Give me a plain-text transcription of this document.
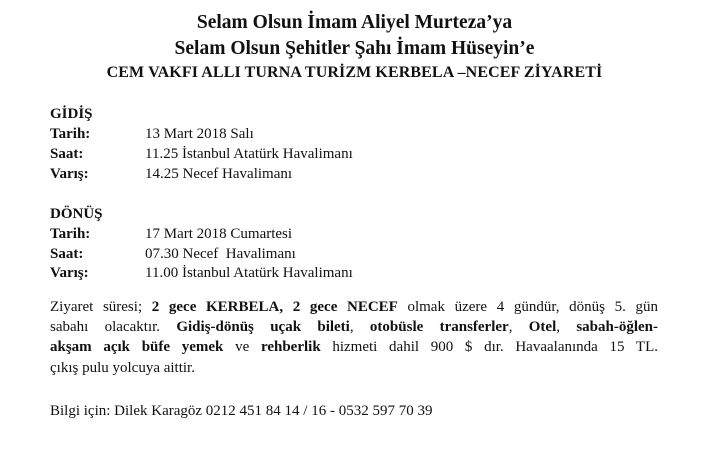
Selam Olsun İmam Aliyel Murteza’ya
Selam Olsun Şehitler Şahı İmam Hüseyin’e
CEM VAKFI ALLI TURNA TURİZM KERBELA –NECEF ZİYARETİ
GİDİŞ
Tarih:	13 Mart 2018 Salı
Saat:	11.25 İstanbul Atatürk Havalimanı
Varış:	14.25 Necef Havalimanı
DÖNÜŞ
Tarih:	17 Mart 2018 Cumartesi
Saat:	07.30 Necef  Havalimanı
Varış:	11.00 İstanbul Atatürk Havalimanı
Ziyaret süresi; 2 gece KERBELA, 2 gece NECEF olmak üzere 4 gündür, dönüş 5. gün
sabahı olacaktır. Gidiş-dönüş uçak bileti, otobüsle transferler, Otel, sabah-öğlen-
akşam açık büfe yemek ve rehberlik hizmeti dahil 900 $ dır. Havaalanında 15 TL.
çıkış pulu yolcuya aittir.
Bilgi için: Dilek Karagöz 0212 451 84 14 / 16 - 0532 597 70 39
